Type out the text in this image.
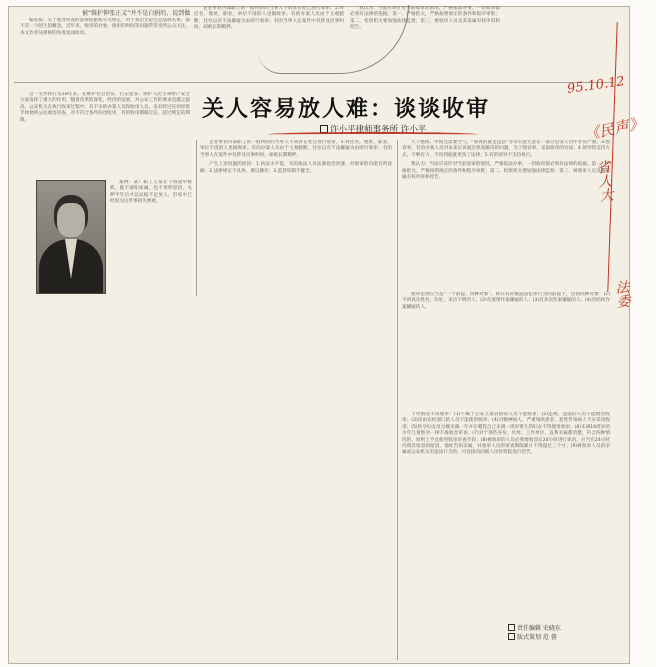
被“维护伸张正义”并不是白捐的，说到做

编者按：关于收容审查的法律依据和有关规定，对于我们无论还是法制关系，都不是一个陌生的概念。近年来，收审的对象、收审的时间等问题常常受到公众关注，本文作者从律师的角度谈谈收审。

企业事业内部职工的一般纠纷的当事人不同者在处自进行收审，5.对挂名，地址，职业，单位不清的人也搞收审。有的办案人员由于主观臆断，往往以有不法嫌疑为由即行收审；有的当事人在案件中仅涉及民事纠纷，却被长期羁押。

我认为：当前应该针对当前收审的情况，严格依法办事，一切收审都必须有法律的依据。第一，严格把关，严格按照规定的条件和程序审批；第二，检察机关要加强法律监督；第三，被收审人员及其家属有权申诉和控告。

关人容易放人难：谈谈收审
许小平律师事务所 许小平

这一文件执行近18年来，在维护社会治安、打击犯罪、保护人民生命财产安全方面发挥了重大的作用，随着改革的深化，经济的发展，对公安工作的要求也越之提高。公安机关在执行收审过程中，有不少的办案人员和收审人员，没有经过任何审批手续便将公民收容审查，对不符合条件的也收审，有的收审期限过长，超过规定的期限。

案例：某厂职工王某在下班途中被抓，既不通知家属，也不说明原因，关押半年后才以证据不足放人，但家中已经因为这件事损失惨重。

企业事业内部职工的一般纠纷的当事人不同者在处自进行收审，5.对挂名，地址，职业，单位不清的人也搞收审。有的办案人员由于主观臆断，往往以有不法嫌疑为由即行收审；有的当事人在案件中仅涉及民事纠纷，却被长期羁押。

产生上述问题的原因：1.执法水平低，有的执法人员法制观念淡薄，对收审的功能有所误解；2.法律规定不具体，难以操作；3.监督机制不健全。

天下整体。中间还需要空气。“我说的就是违法”等等有意无意在一部分公安人员中非常严重。3.图省事，有的办案人员对本来应该通过侦查解决的问题，为了图省事，采取收审的办法；4.领导的支持方式，不够有力，不问到底就更改了法律；5.有的领导不支持执行。

我认为：当前应该针对当前收审的情况，严格依法办事，一切收审都必须有法律的依据。第一，严格把关，严格按照规定的条件和程序审批；第二，检察机关要加强法律监督；第三，被收审人员及其家属有权申诉和控告。

收审范围应当是“一个前提、四种对象”，即在有轻微违法犯罪行为的前提下，包括四种对象：(1)不讲真实姓名、住址，来历不明的人；(2)有流窜作案嫌疑的人；(3)有多次作案嫌疑的人；(4)有结伙作案嫌疑的人。

下列情况不该收审：(1)不属于公安立案管辖的人员不能收审；(2)违规、违法的人员不能使用收审；(3)该由安检部门的人员不能使用收审；(4)对精神病人、严重残疾患者、恶性传染病人不应采用收审；(5)怀孕妇女及分娩未满一年并在哺乳自己未满一周岁婴儿的妇女不得使用收审；(6)未满16周岁的少年儿童绝对一律不准收容审查；(7)对于那些身份、住址、工作单位、直系亲属都清楚，符合四种情况的，原则上不宜使用收审审查手段；(8)被收审的人员必须要收容后24小时进行讯问，应当在24小时内将其收容的原因、地址告知亲属，对收审人员的审查期限累计不得超过三个月；(9)被收审人员的亲属或公安机关有违法行为的，可直接向同级人民检察院进行控告。

责任编辑 史晓东
版式策划 范 蓉
95.10.12
《民声》
省人大
法委
